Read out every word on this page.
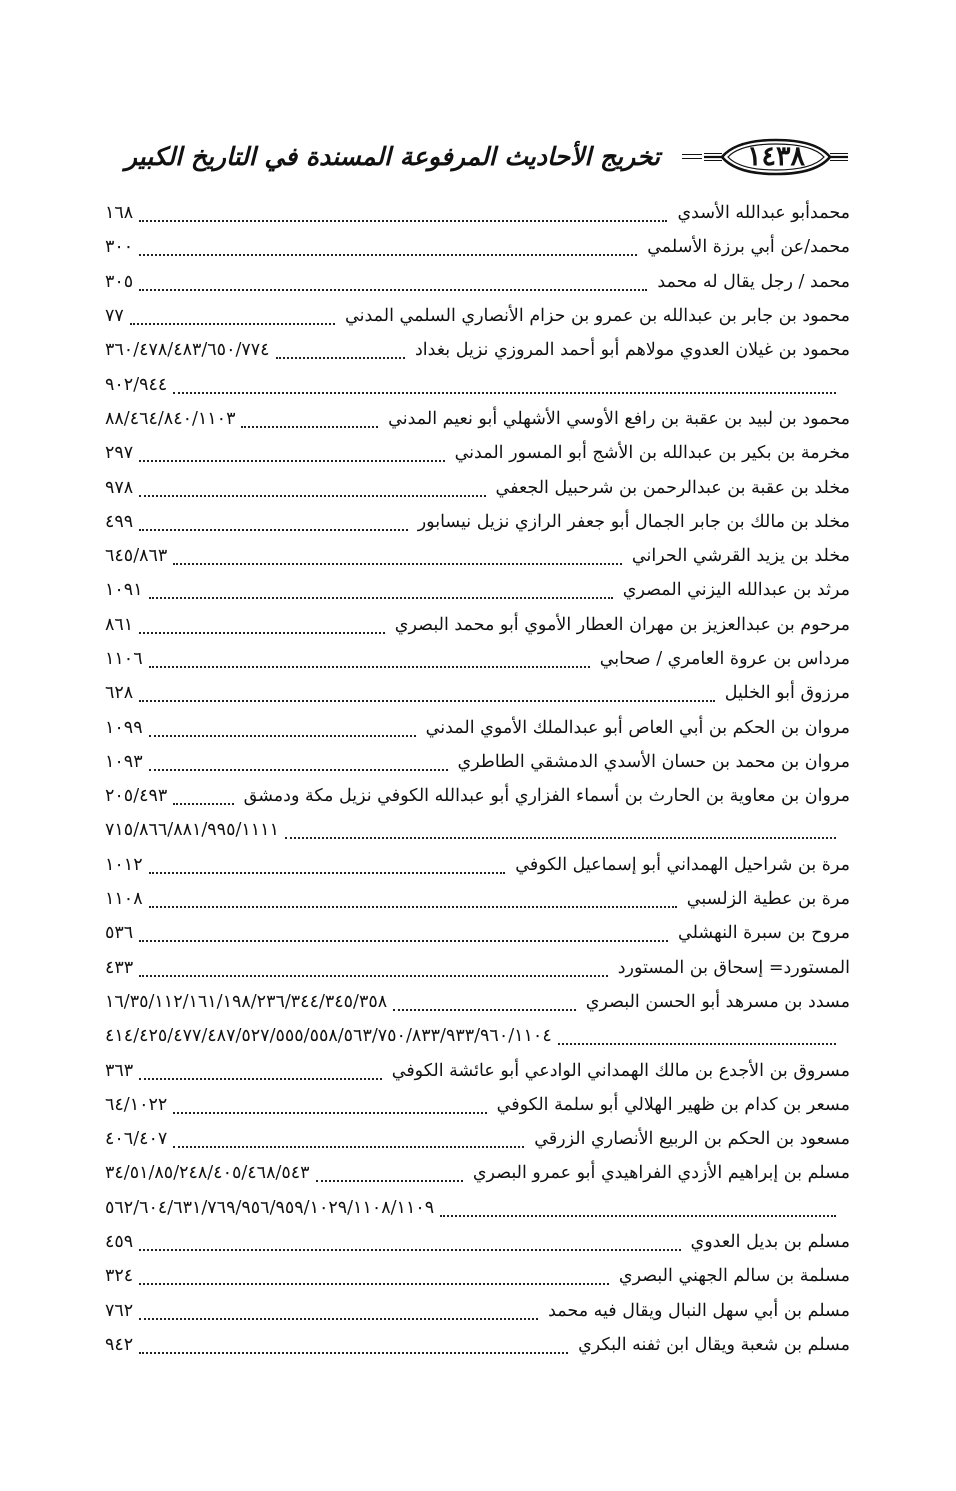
١٤٣٨
تخريج الأحاديث المرفوعة المسندة في التاريخ الكبير
محمدأبو عبدالله الأسدي
١٦٨
محمد/عن أبي برزة الأسلمي
٣٠٠
محمد / رجل يقال له محمد
٣٠٥
محمود بن جابر بن عبدالله بن عمرو بن حزام الأنصاري السلمي المدني
٧٧
محمود بن غيلان العدوي مولاهم أبو أحمد المروزي نزيل بغداد
٣٦٠/٤٧٨/٤٨٣/٦٥٠/٧٧٤
٩٠٢/٩٤٤
محمود بن لبيد بن عقبة بن رافع الأوسي الأشهلي أبو نعيم المدني
٨٨/٤٦٤/٨٤٠/١١٠٣
مخرمة بن بكير بن عبدالله بن الأشج أبو المسور المدني
٢٩٧
مخلد بن عقبة بن عبدالرحمن بن شرحبيل الجعفي
٩٧٨
مخلد بن مالك بن جابر الجمال أبو جعفر الرازي نزيل نيسابور
٤٩٩
مخلد بن يزيد القرشي الحراني
٦٤٥/٨٦٣
مرثد بن عبدالله اليزني المصري
١٠٩١
مرحوم بن عبدالعزيز بن مهران العطار الأموي أبو محمد البصري
٨٦١
مرداس بن عروة العامري / صحابي
١١٠٦
مرزوق أبو الخليل
٦٢٨
مروان بن الحكم بن أبي العاص أبو عبدالملك الأموي المدني
١٠٩٩
مروان بن محمد بن حسان الأسدي الدمشقي الطاطري
١٠٩٣
مروان بن معاوية بن الحارث بن أسماء الفزاري أبو عبدالله الكوفي نزيل مكة ودمشق
٢٠٥/٤٩٣
٧١٥/٨٦٦/٨٨١/٩٩٥/١١١١
مرة بن شراحيل الهمداني أبو إسماعيل الكوفي
١٠١٢
مرة بن عطية الزلسبي
١١٠٨
مروح بن سبرة النهشلي
٥٣٦
المستورد= إسحاق بن المستورد
٤٣٣
مسدد بن مسرهد أبو الحسن البصري
١٦/٣٥/١١٢/١٦١/١٩٨/٢٣٦/٣٤٤/٣٤٥/٣٥٨
٤١٤/٤٢٥/٤٧٧/٤٨٧/٥٢٧/٥٥٥/٥٥٨/٥٦٣/٧٥٠/٨٣٣/٩٣٣/٩٦٠/١١٠٤
مسروق بن الأجدع بن مالك الهمداني الوادعي أبو عائشة الكوفي
٣٦٣
مسعر بن كدام بن ظهير الهلالي أبو سلمة الكوفي
٦٤/١٠٢٢
مسعود بن الحكم بن الربيع الأنصاري الزرقي
٤٠٦/٤٠٧
مسلم بن إبراهيم الأزدي الفراهيدي أبو عمرو البصري
٣٤/٥١/٨٥/٢٤٨/٤٠٥/٤٦٨/٥٤٣
٥٦٢/٦٠٤/٦٣١/٧٦٩/٩٥٦/٩٥٩/١٠٢٩/١١٠٨/١١٠٩
مسلم بن بديل العدوي
٤٥٩
مسلمة بن سالم الجهني البصري
٣٢٤
مسلم بن أبي سهل النبال ويقال فيه محمد
٧٦٢
مسلم بن شعبة ويقال ابن ثفنه البكري
٩٤٢
